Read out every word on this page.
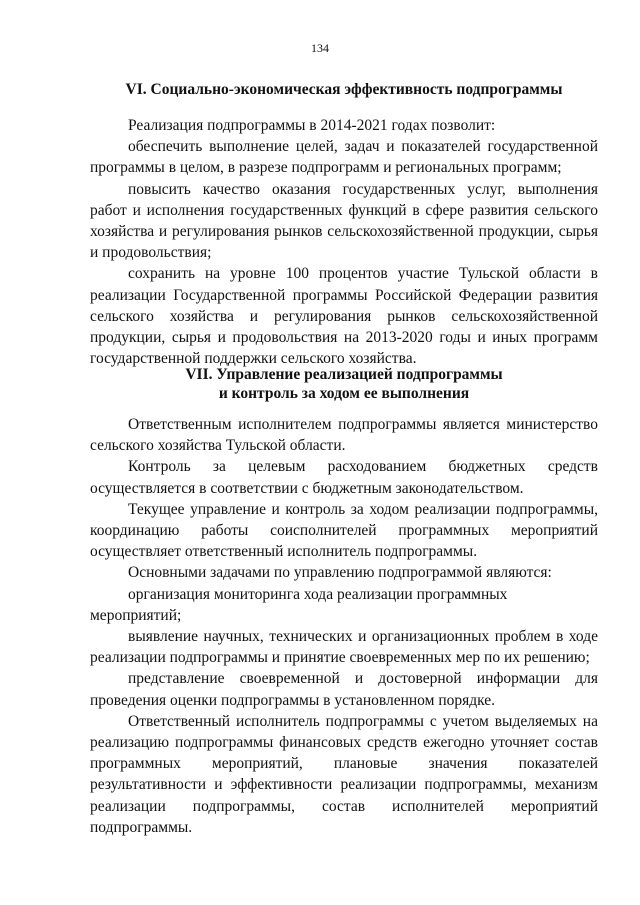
134
VI. Социально-экономическая эффективность подпрограммы

Реализация подпрограммы в 2014-2021 годах позволит:

обеспечить выполнение целей, задач и показателей государственной программы в целом, в разрезе подпрограмм и региональных программ;

повысить качество оказания государственных услуг, выполнения работ и исполнения государственных функций в сфере развития сельского хозяйства и регулирования рынков сельскохозяйственной продукции, сырья и продовольствия;

сохранить на уровне 100 процентов участие Тульской области в реализации Государственной программы Российской Федерации развития сельского хозяйства и регулирования рынков сельскохозяйственной продукции, сырья и продовольствия на 2013-2020 годы и иных программ государственной поддержки сельского хозяйства.

VII. Управление реализацией подпрограммы
и контроль за ходом ее выполнения

Ответственным исполнителем подпрограммы является министерство сельского хозяйства Тульской области.

Контроль за целевым расходованием бюджетных средств осуществляется в соответствии с бюджетным законодательством.

Текущее управление и контроль за ходом реализации подпрограммы, координацию работы соисполнителей программных мероприятий осуществляет ответственный исполнитель подпрограммы.

Основными задачами по управлению подпрограммой являются:

организация мониторинга хода реализации программных мероприятий;

выявление научных, технических и организационных проблем в ходе реализации подпрограммы и принятие своевременных мер по их решению;

представление своевременной и достоверной информации для проведения оценки подпрограммы в установленном порядке.

Ответственный исполнитель подпрограммы с учетом выделяемых на реализацию подпрограммы финансовых средств ежегодно уточняет состав программных мероприятий, плановые значения показателей результативности и эффективности реализации подпрограммы, механизм реализации подпрограммы, состав исполнителей мероприятий подпрограммы.
